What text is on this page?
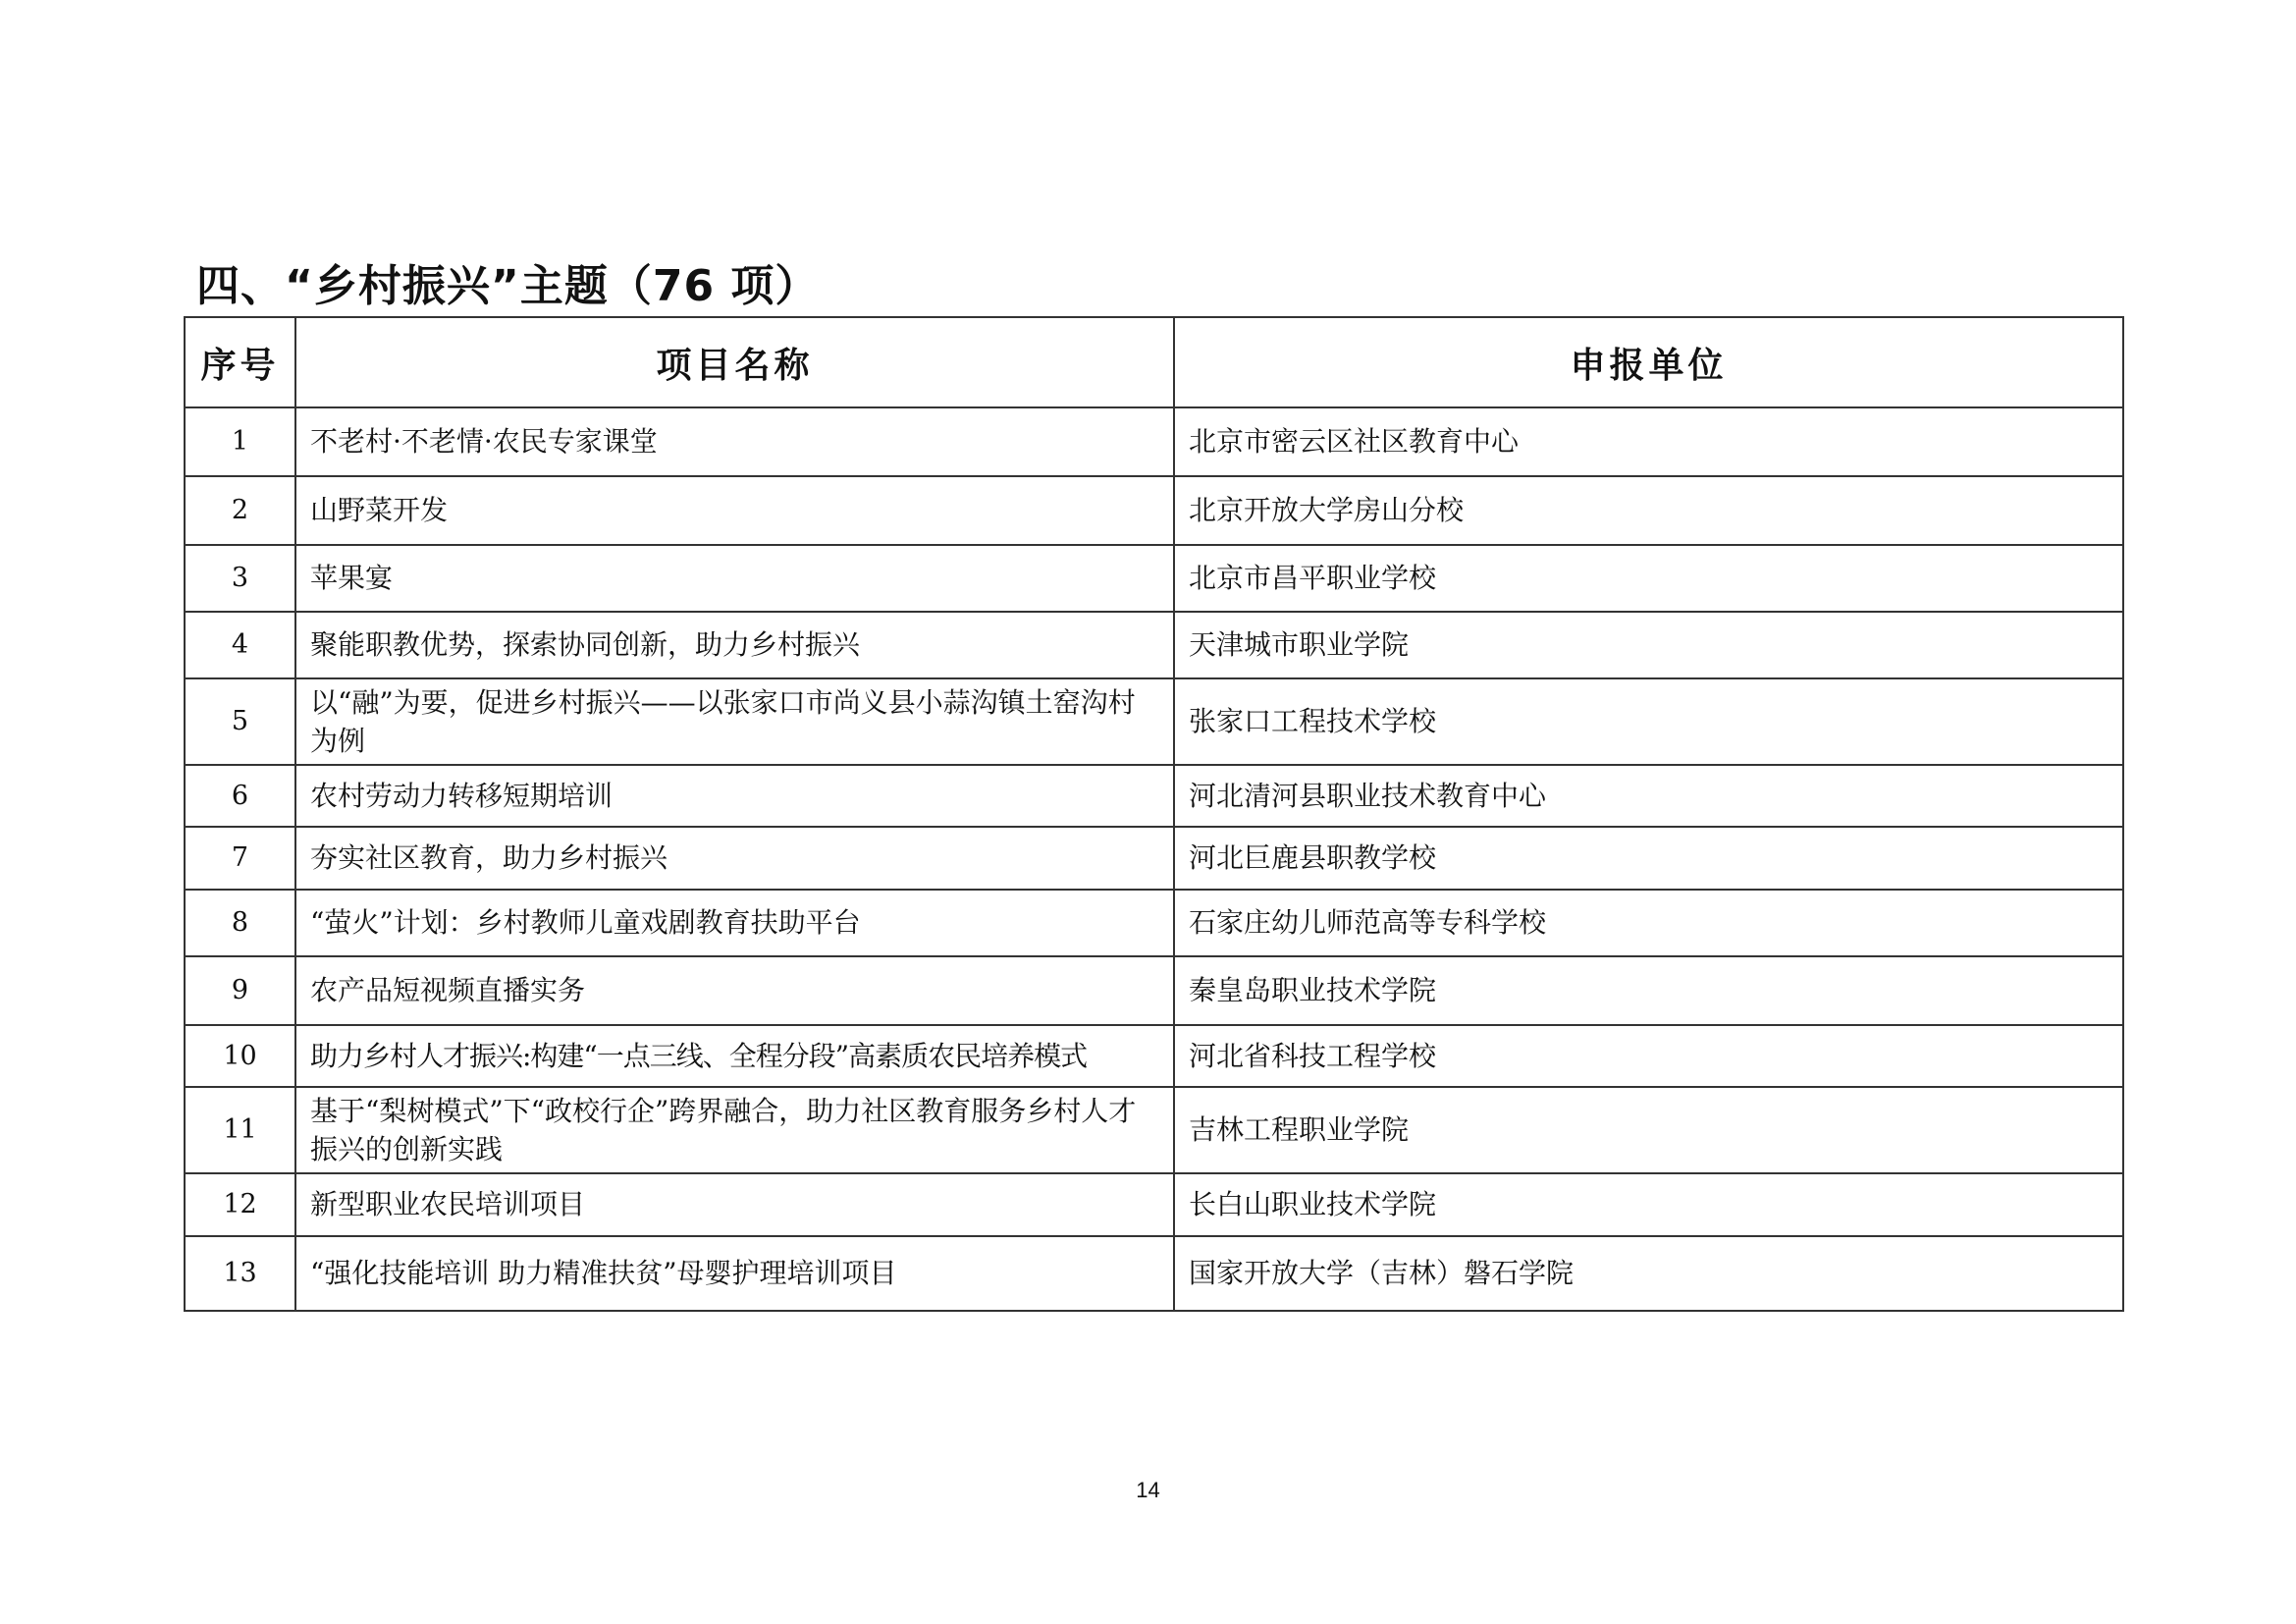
四、“乡村振兴”主题（76 项）
序号	项目名称	申报单位
1	不老村·不老情·农民专家课堂	北京市密云区社区教育中心
2	山野菜开发	北京开放大学房山分校
3	苹果宴	北京市昌平职业学校
4	聚能职教优势，探索协同创新，助力乡村振兴	天津城市职业学院
5	以“融”为要，促进乡村振兴——以张家口市尚义县小蒜沟镇土窑沟村为例	张家口工程技术学校
6	农村劳动力转移短期培训	河北清河县职业技术教育中心
7	夯实社区教育，助力乡村振兴	河北巨鹿县职教学校
8	“萤火”计划：乡村教师儿童戏剧教育扶助平台	石家庄幼儿师范高等专科学校
9	农产品短视频直播实务	秦皇岛职业技术学院
10	助力乡村人才振兴:构建“一点三线、全程分段”高素质农民培养模式	河北省科技工程学校
11	基于“梨树模式”下“政校行企”跨界融合，助力社区教育服务乡村人才振兴的创新实践	吉林工程职业学院
12	新型职业农民培训项目	长白山职业技术学院
13	“强化技能培训 助力精准扶贫”母婴护理培训项目	国家开放大学（吉林）磐石学院
14
